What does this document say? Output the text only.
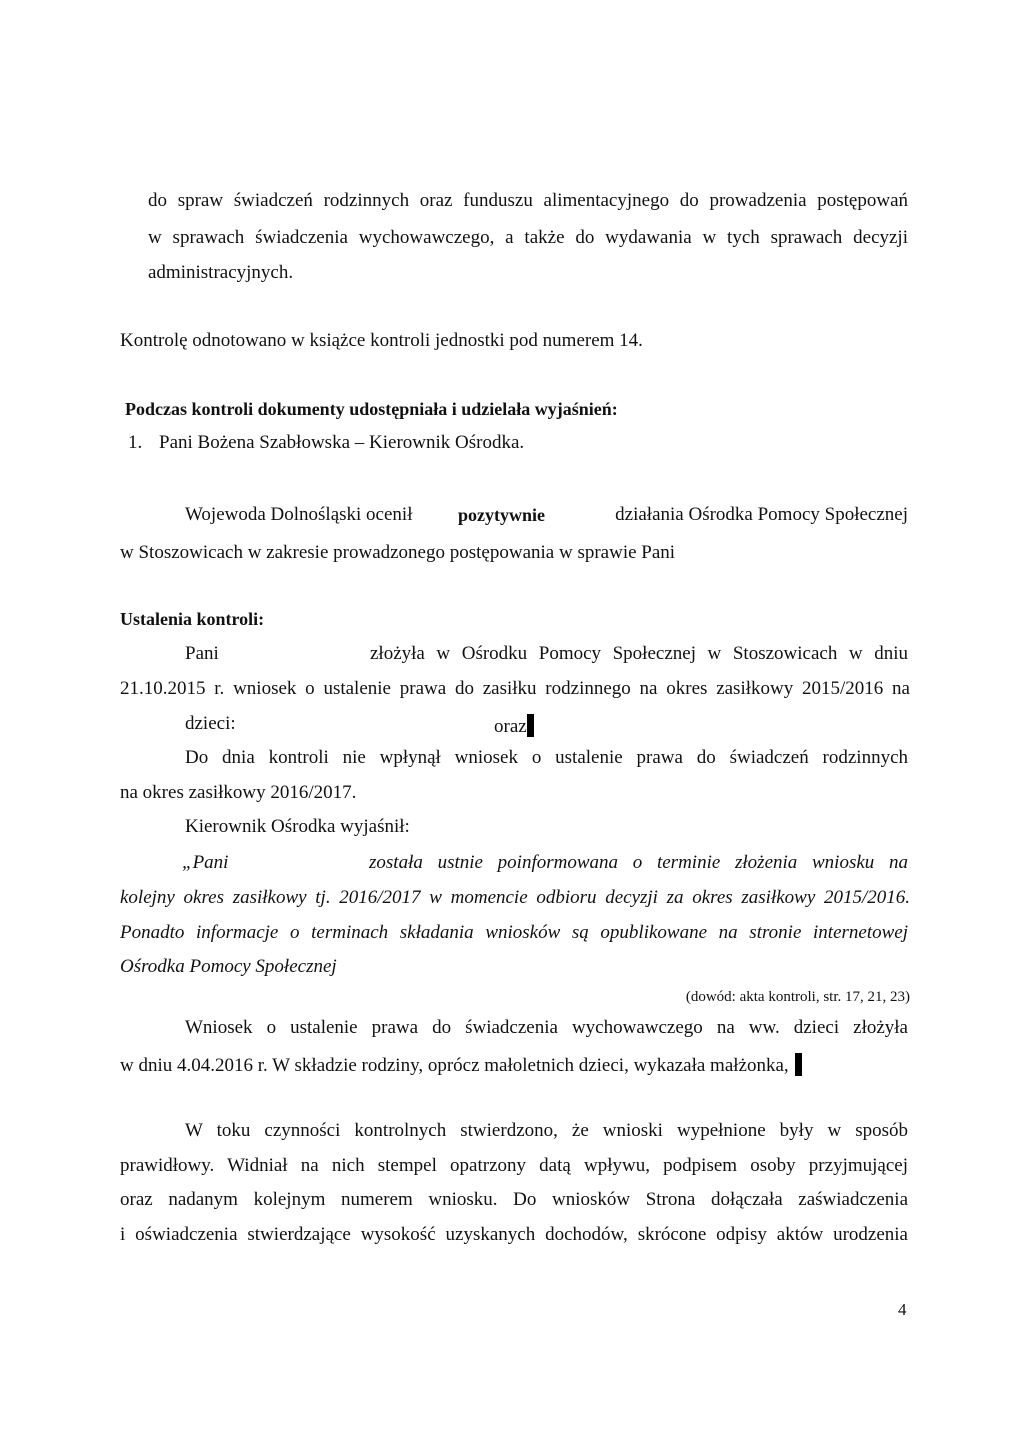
do spraw świadczeń rodzinnych oraz funduszu alimentacyjnego do prowadzenia postępowań
w sprawach świadczenia wychowawczego, a także do wydawania w tych sprawach decyzji
administracyjnych.
Kontrolę odnotowano w książce kontroli jednostki pod numerem 14.
Podczas kontroli dokumenty udostępniała i udzielała wyjaśnień:
1. Pani Bożena Szabłowska – Kierownik Ośrodka.
Wojewoda Dolnośląski ocenił	pozytywnie	działania Ośrodka Pomocy Społecznej
w Stoszowicach w zakresie prowadzonego postępowania w sprawie Pani
Ustalenia kontroli:
Pani	złożyła w Ośrodku Pomocy Społecznej w Stoszowicach w dniu
21.10.2015 r. wniosek o ustalenie prawa do zasiłku rodzinnego na okres zasiłkowy 2015/2016 na
dzieci:	oraz
Do dnia kontroli nie wpłynął wniosek o ustalenie prawa do świadczeń rodzinnych
na okres zasiłkowy 2016/2017.
Kierownik Ośrodka wyjaśnił:
„Pani	została ustnie poinformowana o terminie złożenia wniosku na
kolejny okres zasiłkowy tj. 2016/2017 w momencie odbioru decyzji za okres zasiłkowy 2015/2016.
Ponadto informacje o terminach składania wniosków są opublikowane na stronie internetowej
Ośrodka Pomocy Społecznej
(dowód: akta kontroli, str. 17, 21, 23)
Wniosek o ustalenie prawa do świadczenia wychowawczego na ww. dzieci złożyła
w dniu 4.04.2016 r. W składzie rodziny, oprócz małoletnich dzieci, wykazała małżonka,
W toku czynności kontrolnych stwierdzono, że wnioski wypełnione były w sposób
prawidłowy. Widniał na nich stempel opatrzony datą wpływu, podpisem osoby przyjmującej
oraz nadanym kolejnym numerem wniosku. Do wniosków Strona dołączała zaświadczenia
i oświadczenia stwierdzające wysokość uzyskanych dochodów, skrócone odpisy aktów urodzenia
4
